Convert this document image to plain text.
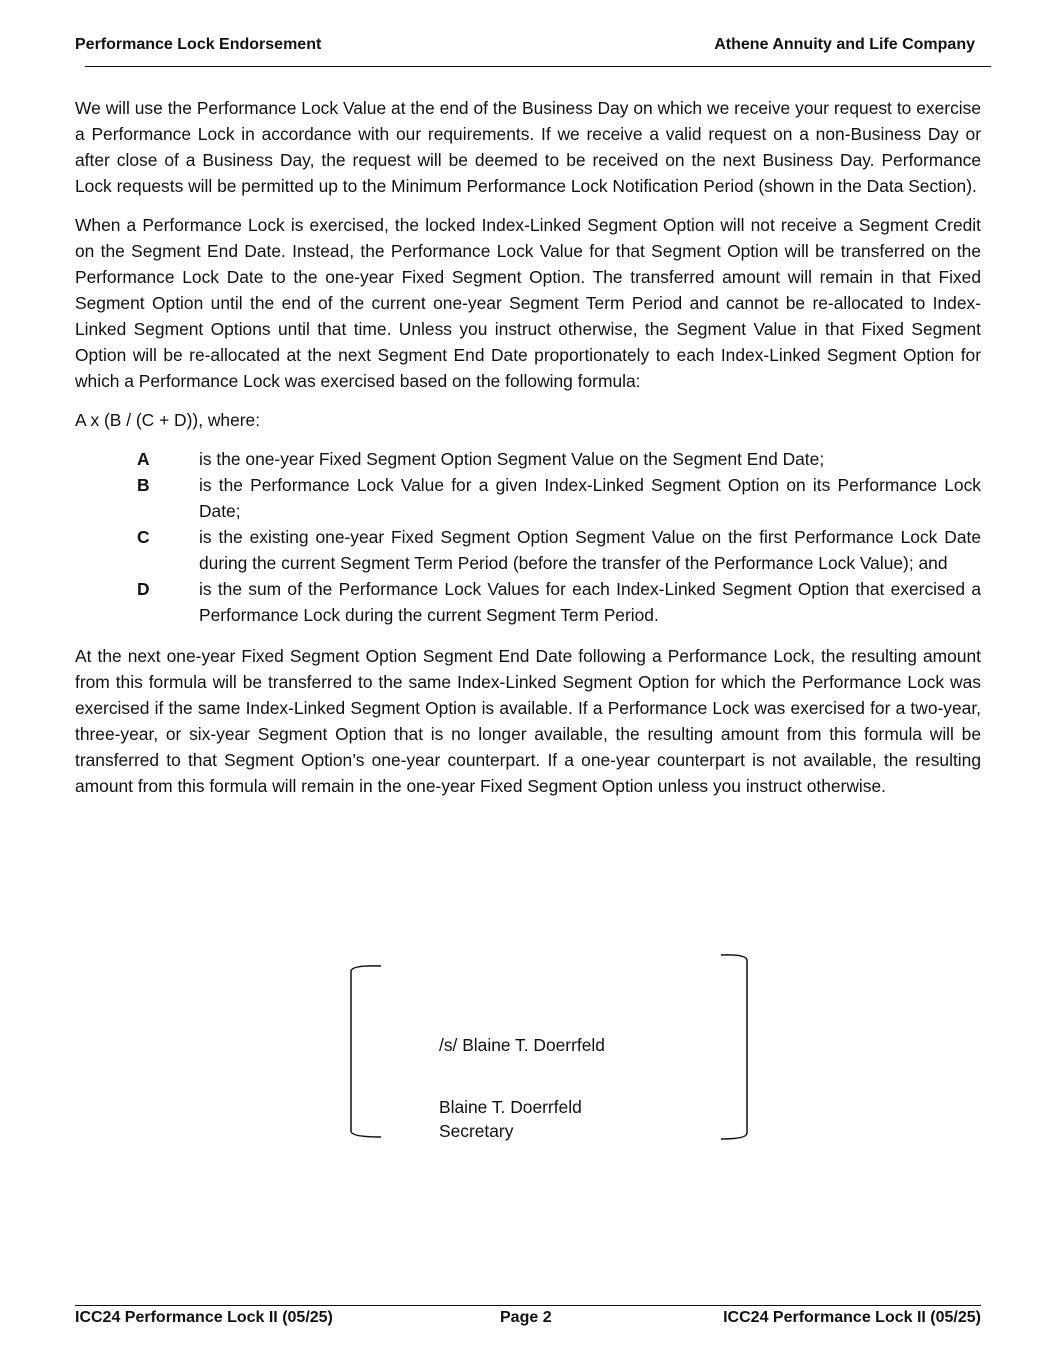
Performance Lock Endorsement	Athene Annuity and Life Company

We will use the Performance Lock Value at the end of the Business Day on which we receive your request to exercise a Performance Lock in accordance with our requirements. If we receive a valid request on a non-Business Day or after close of a Business Day, the request will be deemed to be received on the next Business Day. Performance Lock requests will be permitted up to the Minimum Performance Lock Notification Period (shown in the Data Section).

When a Performance Lock is exercised, the locked Index-Linked Segment Option will not receive a Segment Credit on the Segment End Date. Instead, the Performance Lock Value for that Segment Option will be transferred on the Performance Lock Date to the one-year Fixed Segment Option. The transferred amount will remain in that Fixed Segment Option until the end of the current one-year Segment Term Period and cannot be re-allocated to Index-Linked Segment Options until that time. Unless you instruct otherwise, the Segment Value in that Fixed Segment Option will be re-allocated at the next Segment End Date proportionately to each Index-Linked Segment Option for which a Performance Lock was exercised based on the following formula:

A x (B / (C + D)), where:
A	is the one-year Fixed Segment Option Segment Value on the Segment End Date;
B	is the Performance Lock Value for a given Index-Linked Segment Option on its Performance Lock Date;
C	is the existing one-year Fixed Segment Option Segment Value on the first Performance Lock Date during the current Segment Term Period (before the transfer of the Performance Lock Value); and
D	is the sum of the Performance Lock Values for each Index-Linked Segment Option that exercised a Performance Lock during the current Segment Term Period.

At the next one-year Fixed Segment Option Segment End Date following a Performance Lock, the resulting amount from this formula will be transferred to the same Index-Linked Segment Option for which the Performance Lock was exercised if the same Index-Linked Segment Option is available. If a Performance Lock was exercised for a two-year, three-year, or six-year Segment Option that is no longer available, the resulting amount from this formula will be transferred to that Segment Option’s one-year counterpart. If a one-year counterpart is not available, the resulting amount from this formula will remain in the one-year Fixed Segment Option unless you instruct otherwise.

/s/ Blaine T. Doerrfeld
Blaine T. Doerrfeld
Secretary
ICC24 Performance Lock II (05/25)	Page 2	ICC24 Performance Lock II (05/25)
